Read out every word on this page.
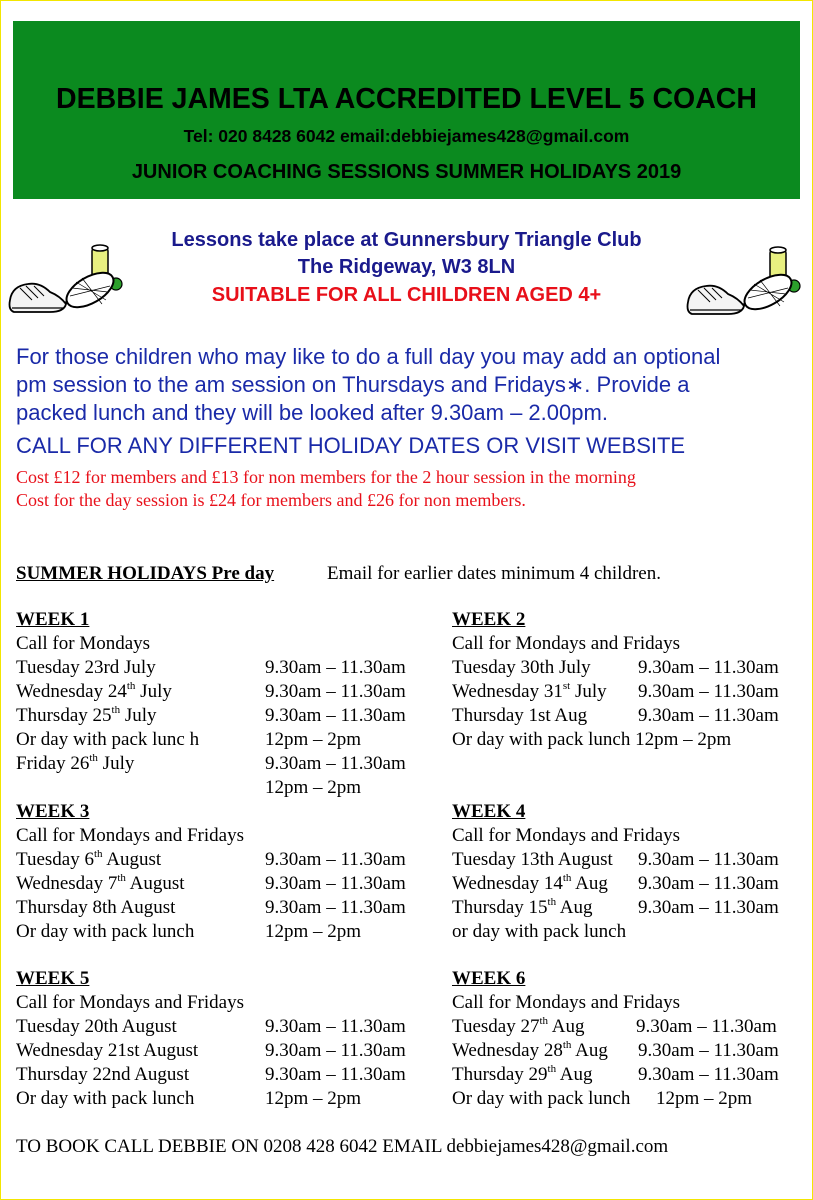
DEBBIE JAMES LTA ACCREDITED LEVEL 5 COACH
Tel: 020 8428 6042 email:debbiejames428@gmail.com
JUNIOR COACHING SESSIONS SUMMER HOLIDAYS 2019
Lessons take place at Gunnersbury Triangle Club
The Ridgeway, W3 8LN
SUITABLE FOR ALL CHILDREN AGED 4+
For those children who may like to do a full day you may add an optional
pm session to the am session on Thursdays and Fridays∗. Provide a
packed lunch and they will be looked after 9.30am – 2.00pm.
CALL FOR ANY DIFFERENT HOLIDAY DATES OR VISIT WEBSITE
Cost £12 for members and £13 for non members for the 2 hour session in the morning
Cost for the day session is £24 for members and £26 for non members.
SUMMER HOLIDAYS Pre day	Email for earlier dates minimum 4 children.
WEEK 1
Call for Mondays
Tuesday 23rd July	9.30am – 11.30am
Wednesday 24th July	9.30am – 11.30am
Thursday 25th July	9.30am – 11.30am
Or day with pack lunc h	12pm – 2pm
Friday 26th July	9.30am – 11.30am
12pm – 2pm
WEEK 2
Call for Mondays and Fridays
Tuesday 30th July 9.30am – 11.30am
Wednesday 31st July 9.30am – 11.30am
Thursday 1st Aug	9.30am – 11.30am
Or day with pack lunch 12pm – 2pm
WEEK 3
Call for Mondays and Fridays
Tuesday 6th August	9.30am – 11.30am
Wednesday 7th August	9.30am – 11.30am
Thursday 8th August	9.30am – 11.30am
Or day with pack lunch	12pm – 2pm
WEEK 4
Call for Mondays and Fridays
Tuesday 13th August 9.30am – 11.30am
Wednesday 14th Aug 9.30am – 11.30am
Thursday 15th Aug 9.30am – 11.30am
or day with pack lunch
WEEK 5
Call for Mondays and Fridays
Tuesday 20th August	9.30am – 11.30am
Wednesday 21st August	9.30am – 11.30am
Thursday 22nd August	9.30am – 11.30am
Or day with pack lunch	12pm – 2pm
WEEK 6
Call for Mondays and Fridays
Tuesday 27th Aug	9.30am – 11.30am
Wednesday 28th Aug 9.30am – 11.30am
Thursday 29th Aug 9.30am – 11.30am
Or day with pack lunch 12pm – 2pm
TO BOOK CALL DEBBIE ON 0208 428 6042 EMAIL debbiejames428@gmail.com
